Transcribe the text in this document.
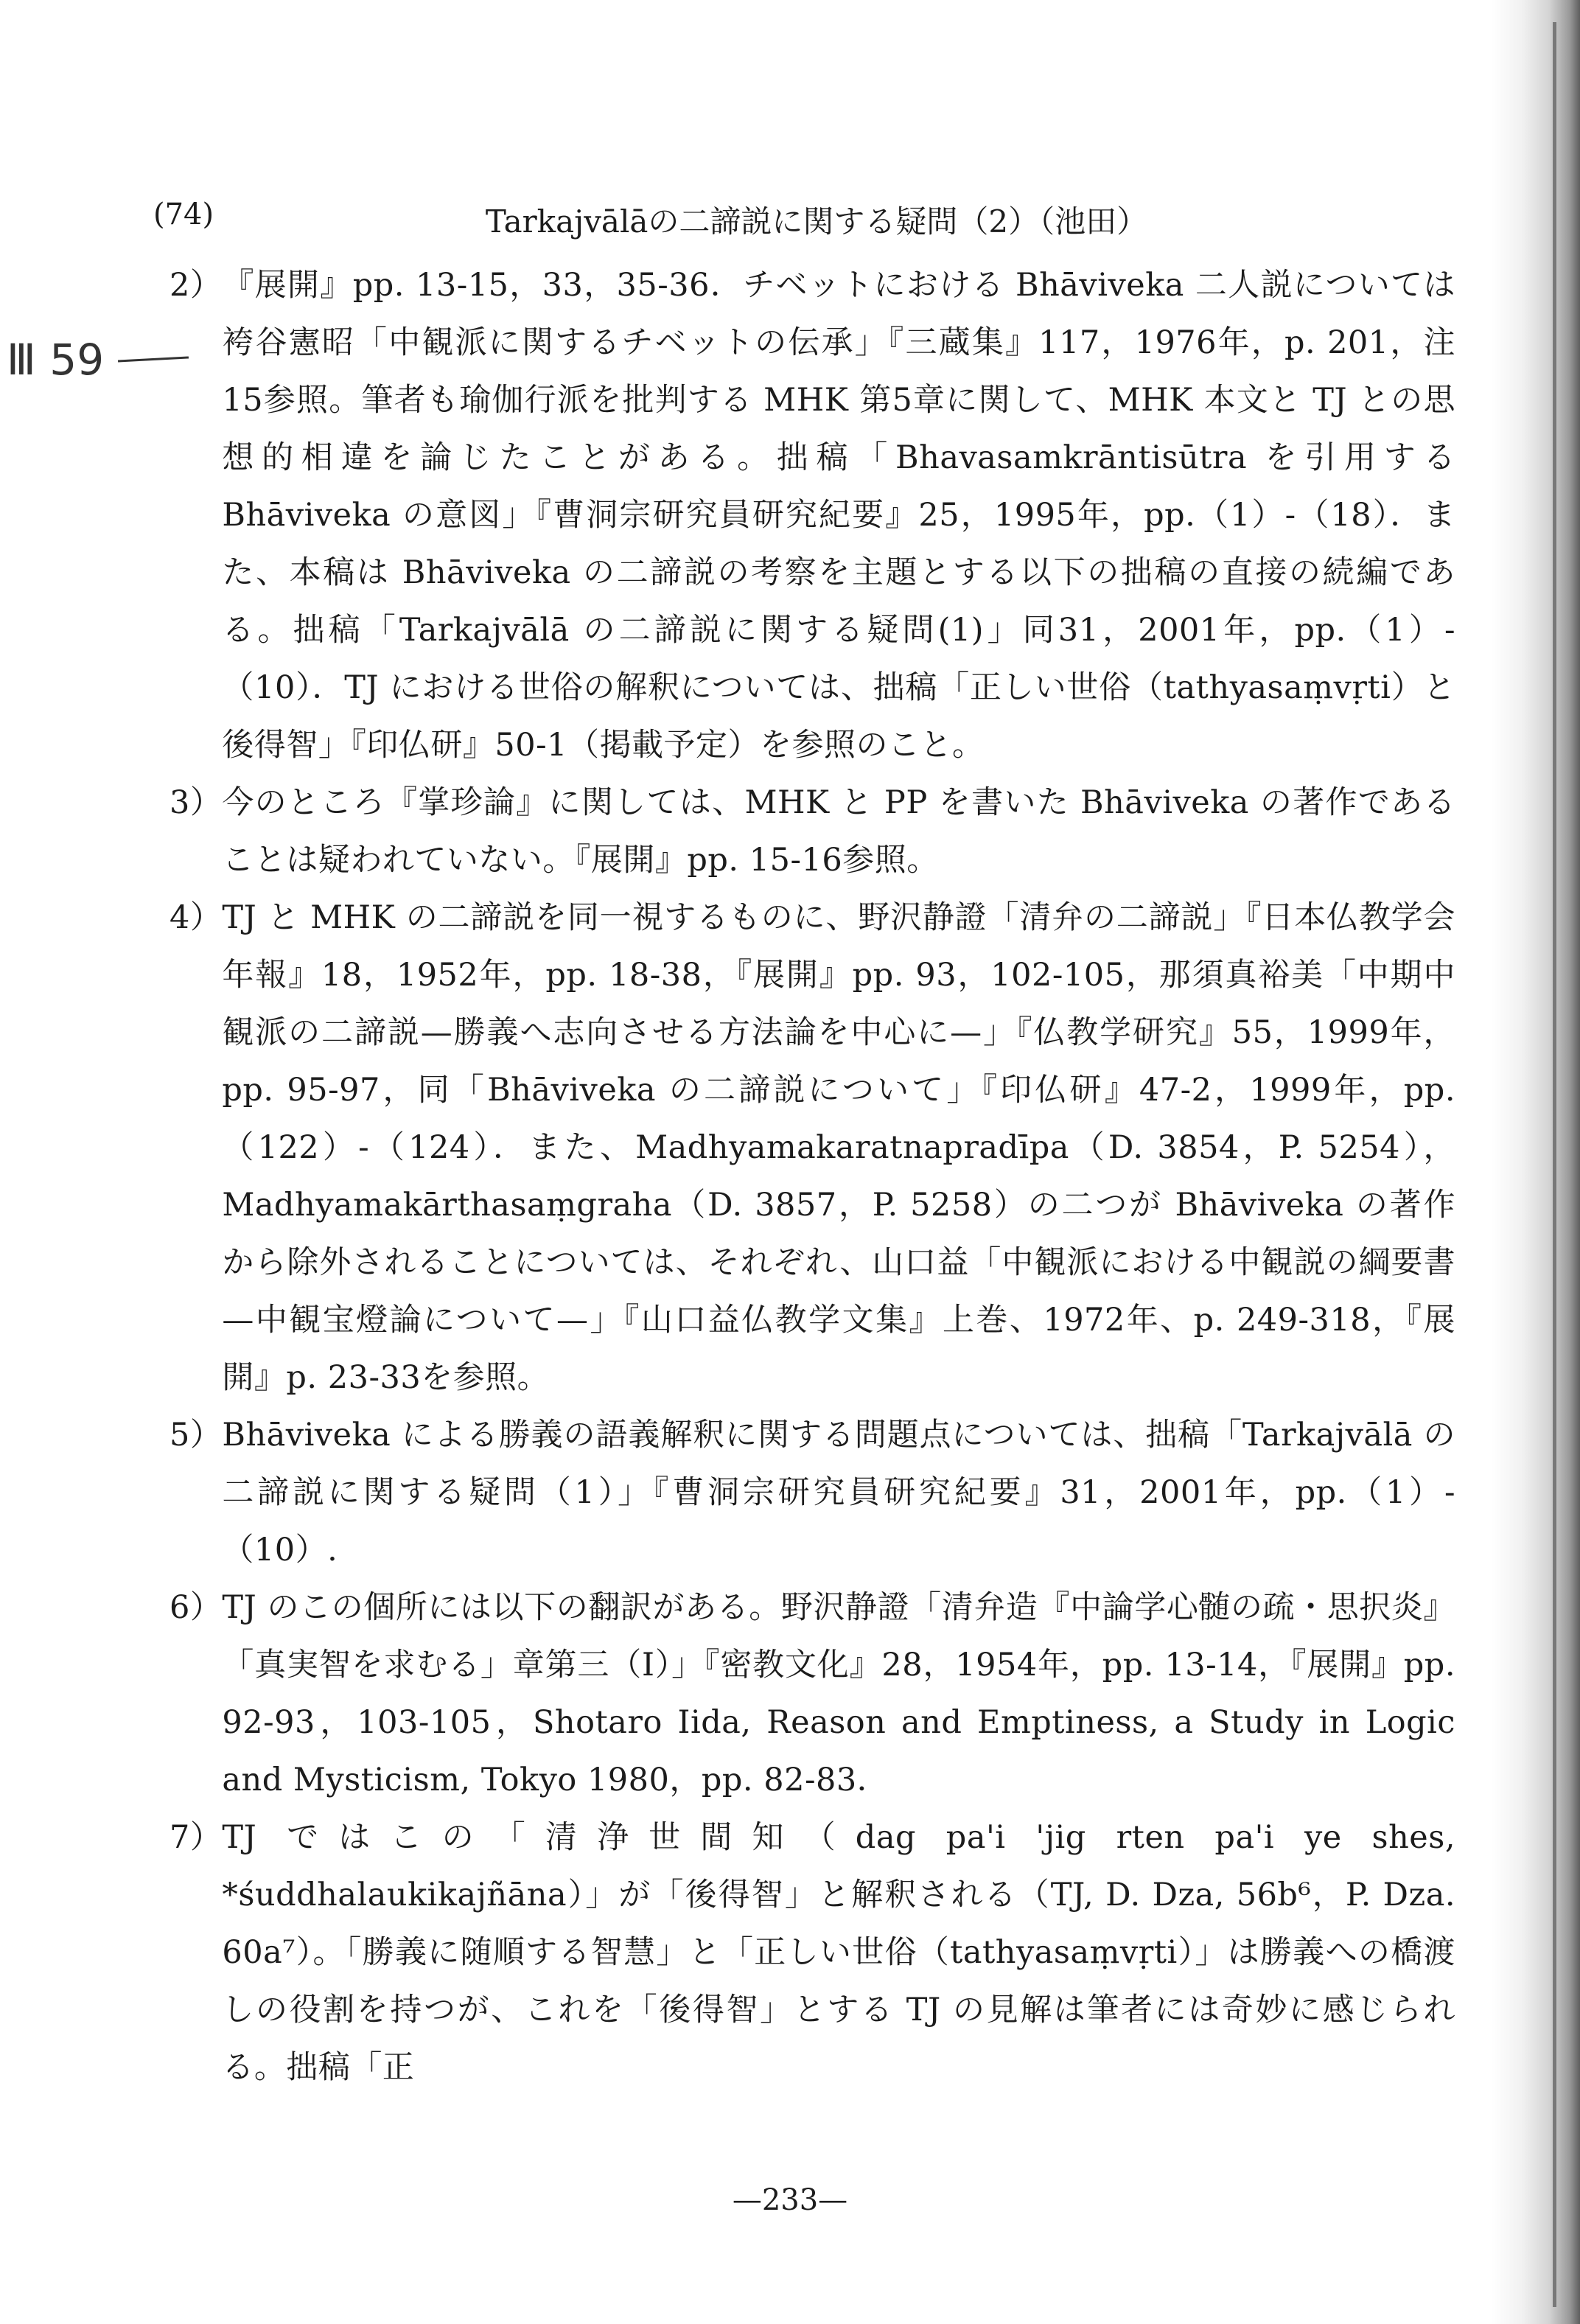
Ⅲ 59
(74)	Tarkajvālāの二諦説に関する疑問（2）（池田）
2） 『展開』pp. 13-15，33，35-36．チベットにおける Bhāviveka 二人説については袴谷憲昭「中観派に関するチベットの伝承」『三蔵集』117，1976年，p. 201，注15参照。筆者も瑜伽行派を批判する MHK 第5章に関して、MHK 本文と TJ との思想的相違を論じたことがある。拙稿「Bhavasamkrāntisūtra を引用する Bhāviveka の意図」『曹洞宗研究員研究紀要』25，1995年，pp.（1）-（18）．また、本稿は Bhāviveka の二諦説の考察を主題とする以下の拙稿の直接の続編である。拙稿「Tarkajvālā の二諦説に関する疑問(1)」同31，2001年，pp.（1）-（10）．TJ における世俗の解釈については、拙稿「正しい世俗（tathyasaṃvṛti）と後得智」『印仏研』50-1（掲載予定）を参照のこと。
3） 今のところ『掌珍論』に関しては、MHK と PP を書いた Bhāviveka の著作であることは疑われていない。『展開』pp. 15-16参照。
4） TJ と MHK の二諦説を同一視するものに、野沢静證「清弁の二諦説」『日本仏教学会年報』18，1952年，pp. 18-38，『展開』pp. 93，102-105，那須真裕美「中期中観派の二諦説—勝義へ志向させる方法論を中心に—」『仏教学研究』55，1999年，pp. 95-97，同「Bhāviveka の二諦説について」『印仏研』47-2，1999年，pp.（122）-（124）．また、Madhyamakaratnapradīpa（D. 3854，P. 5254），Madhyamakārthasaṃgraha（D. 3857，P. 5258）の二つが Bhāviveka の著作から除外されることについては、それぞれ、山口益「中観派における中観説の綱要書—中観宝燈論について—」『山口益仏教学文集』上巻、1972年、p. 249-318，『展開』p. 23-33を参照。
5） Bhāviveka による勝義の語義解釈に関する問題点については、拙稿「Tarkajvālā の二諦説に関する疑問（1）」『曹洞宗研究員研究紀要』31，2001年，pp.（1）-（10）.
6） TJ のこの個所には以下の翻訳がある。野沢静證「清弁造『中論学心髄の疏・思択炎』「真実智を求むる」章第三（I）」『密教文化』28，1954年，pp. 13-14，『展開』pp. 92-93，103-105，Shotaro Iida, Reason and Emptiness, a Study in Logic and Mysticism, Tokyo 1980，pp. 82-83．
7） TJ ではこの「清浄世間知（dag pa'i 'jig rten pa'i ye shes, *śuddhalaukikajñāna）」が「後得智」と解釈される（TJ, D. Dza, 56b⁶，P. Dza. 60a⁷）。「勝義に随順する智慧」と「正しい世俗（tathyasaṃvṛti）」は勝義への橋渡しの役割を持つが、これを「後得智」とする TJ の見解は筆者には奇妙に感じられる。拙稿「正
—233—
